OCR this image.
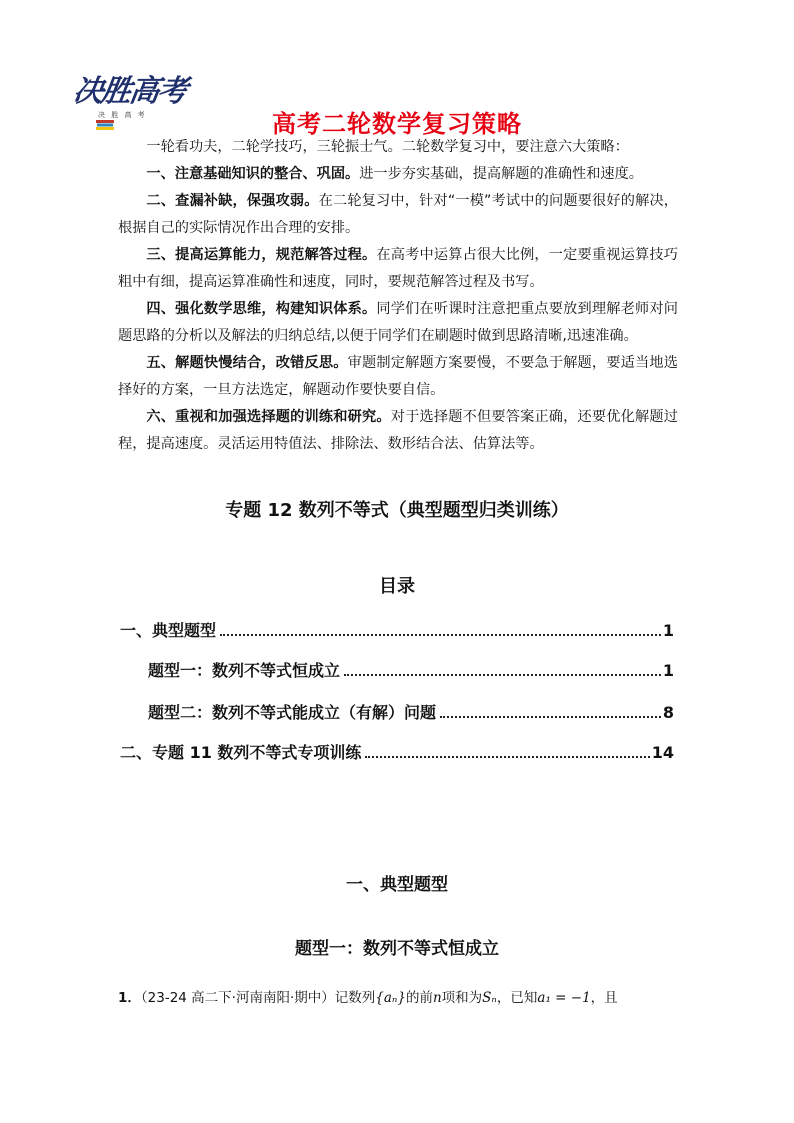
决胜高考
决 胜 高 考	高考二轮数学复习策略

一轮看功夫，二轮学技巧，三轮振士气。二轮数学复习中，要注意六大策略：

一、注意基础知识的整合、巩固。进一步夯实基础，提高解题的准确性和速度。

二、查漏补缺，保强攻弱。在二轮复习中，针对“一模”考试中的问题要很好的解决，根据自己的实际情况作出合理的安排。

三、提高运算能力，规范解答过程。在高考中运算占很大比例，一定要重视运算技巧粗中有细，提高运算准确性和速度，同时，要规范解答过程及书写。

四、强化数学思维，构建知识体系。同学们在听课时注意把重点要放到理解老师对问题思路的分析以及解法的归纳总结,以便于同学们在刷题时做到思路清晰,迅速准确。

五、解题快慢结合，改错反思。审题制定解题方案要慢，不要急于解题，要适当地选择好的方案，一旦方法选定，解题动作要快要自信。

六、重视和加强选择题的训练和研究。对于选择题不但要答案正确，还要优化解题过程，提高速度。灵活运用特值法、排除法、数形结合法、估算法等。

专题 12 数列不等式（典型题型归类训练）
目录
一、典型题型	1
题型一：数列不等式恒成立	1
题型二：数列不等式能成立（有解）问题	8
二、专题 11 数列不等式专项训练	14
一、典型题型
题型一：数列不等式恒成立
1．（23-24 高二下·河南南阳·期中）记数列{aₙ}的前n项和为Sₙ，已知a₁ = −1，且
